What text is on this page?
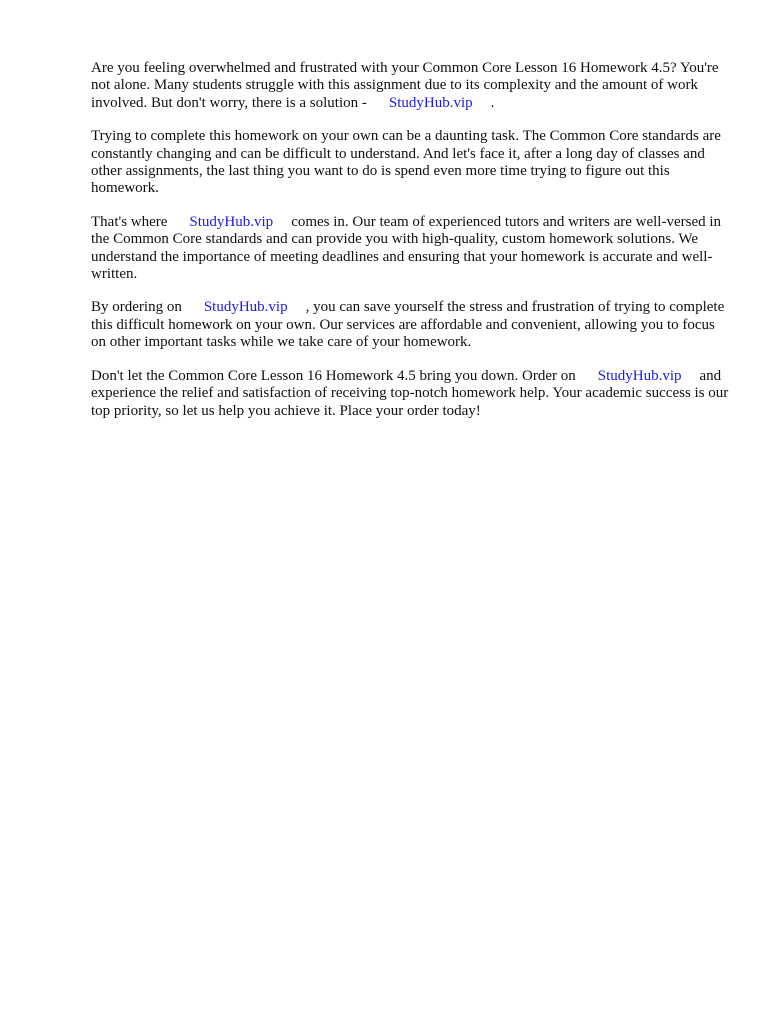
Are you feeling overwhelmed and frustrated with your Common Core Lesson 16 Homework 4.5? You're not alone. Many students struggle with this assignment due to its complexity and the amount of work involved. But don't worry, there is a solution - StudyHub.vip .

Trying to complete this homework on your own can be a daunting task. The Common Core standards are constantly changing and can be difficult to understand. And let's face it, after a long day of classes and other assignments, the last thing you want to do is spend even more time trying to figure out this homework.

That's where StudyHub.vip comes in. Our team of experienced tutors and writers are well-versed in the Common Core standards and can provide you with high-quality, custom homework solutions. We understand the importance of meeting deadlines and ensuring that your homework is accurate and well-written.

By ordering on StudyHub.vip , you can save yourself the stress and frustration of trying to complete this difficult homework on your own. Our services are affordable and convenient, allowing you to focus on other important tasks while we take care of your homework.

Don't let the Common Core Lesson 16 Homework 4.5 bring you down. Order on StudyHub.vip and experience the relief and satisfaction of receiving top-notch homework help. Your academic success is our top priority, so let us help you achieve it. Place your order today!
